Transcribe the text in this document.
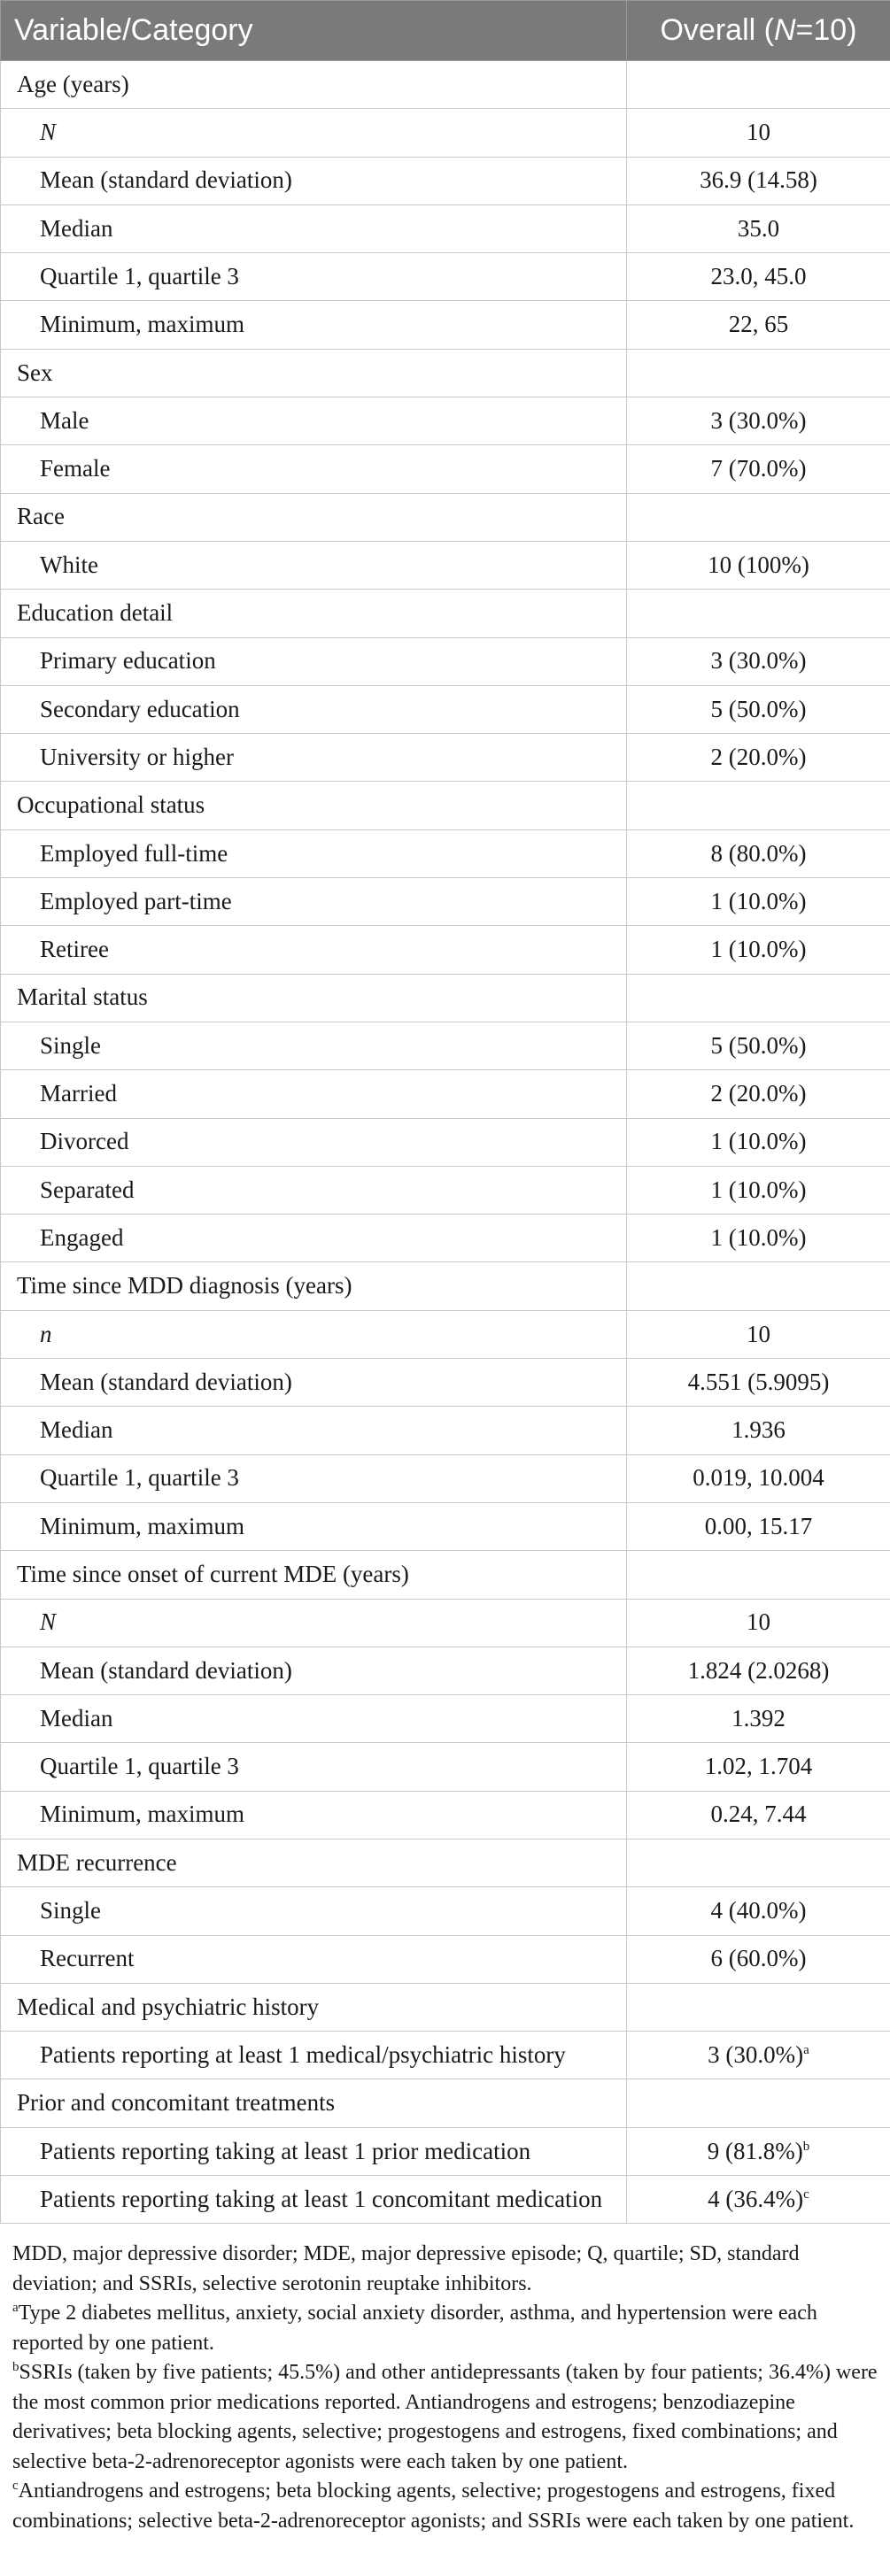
Variable/Category	Overall (N=10)
Age (years)	
N	10
Mean (standard deviation)	36.9 (14.58)
Median	35.0
Quartile 1, quartile 3	23.0, 45.0
Minimum, maximum	22, 65
Sex	
Male	3 (30.0%)
Female	7 (70.0%)
Race	
White	10 (100%)
Education detail	
Primary education	3 (30.0%)
Secondary education	5 (50.0%)
University or higher	2 (20.0%)
Occupational status	
Employed full-time	8 (80.0%)
Employed part-time	1 (10.0%)
Retiree	1 (10.0%)
Marital status	
Single	5 (50.0%)
Married	2 (20.0%)
Divorced	1 (10.0%)
Separated	1 (10.0%)
Engaged	1 (10.0%)
Time since MDD diagnosis (years)	
n	10
Mean (standard deviation)	4.551 (5.9095)
Median	1.936
Quartile 1, quartile 3	0.019, 10.004
Minimum, maximum	0.00, 15.17
Time since onset of current MDE (years)	
N	10
Mean (standard deviation)	1.824 (2.0268)
Median	1.392
Quartile 1, quartile 3	1.02, 1.704
Minimum, maximum	0.24, 7.44
MDE recurrence	
Single	4 (40.0%)
Recurrent	6 (60.0%)
Medical and psychiatric history	
Patients reporting at least 1 medical/psychiatric history	3 $(30.0\%)^a$
Prior and concomitant treatments	
Patients reporting taking at least 1 prior medication	9 $(81.8\%)^b$
Patients reporting taking at least 1 concomitant medication	4 $(36.4\%)^c$

MDD, major depressive disorder; MDE, major depressive episode; Q, quartile; SD, standard deviation; and SSRIs, selective serotonin reuptake inhibitors.

$^a$Type 2 diabetes mellitus, anxiety, social anxiety disorder, asthma, and hypertension were each reported by one patient.

$^b$SSRIs (taken by five patients; 45.5%) and other antidepressants (taken by four patients; 36.4%) were the most common prior medications reported. Antiandrogens and estrogens; benzodiazepine derivatives; beta blocking agents, selective; progestogens and estrogens, fixed combinations; and selective beta-2-adrenoreceptor agonists were each taken by one patient.

$^c$Antiandrogens and estrogens; beta blocking agents, selective; progestogens and estrogens, fixed combinations; selective beta-2-adrenoreceptor agonists; and SSRIs were each taken by one patient.
